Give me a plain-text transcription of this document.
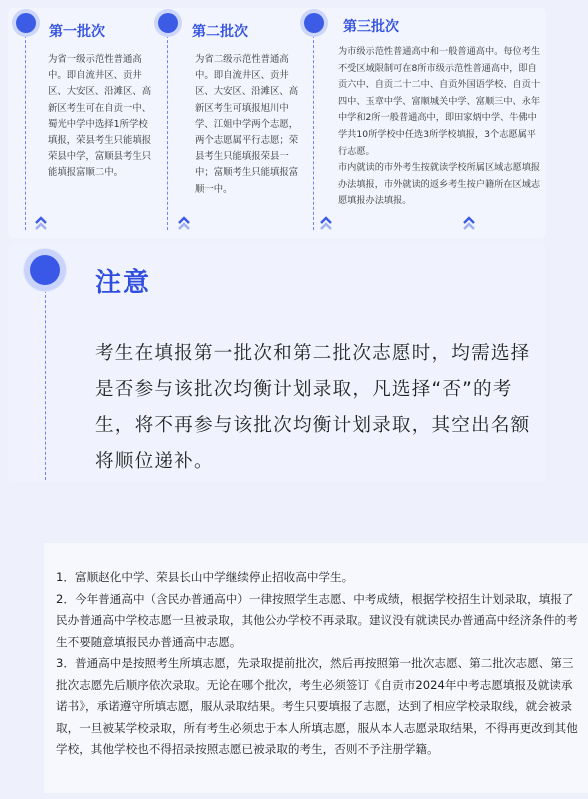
第一批次

为省一级示范性普通高中。即自流井区、贡井区、大安区、沿滩区、高新区考生可在自贡一中、蜀光中学中选择1所学校填报，荣县考生只能填报荣县中学，富顺县考生只能填报富顺二中。

第二批次

为省二级示范性普通高中。即自流井区、贡井区、大安区、沿滩区、高新区考生可填报旭川中学、江姐中学两个志愿，两个志愿属平行志愿；荣县考生只能填报荣县一中；富顺考生只能填报富顺一中。

第三批次

为市级示范性普通高中和一般普通高中。每位考生不受区域限制可在8所市级示范性普通高中，即自贡六中、自贡二十二中、自贡外国语学校、自贡十四中、玉章中学、富顺城关中学、富顺三中、永年中学和2所一般普通高中，即田家炳中学、牛佛中学共10所学校中任选3所学校填报，3个志愿属平行志愿。

市内就读的市外考生按就读学校所属区域志愿填报办法填报，市外就读的返乡考生按户籍所在区域志愿填报办法填报。

注意
考生在填报第一批次和第二批次志愿时，均需选择是否参与该批次均衡计划录取，凡选择“否”的考生，将不再参与该批次均衡计划录取，其空出名额将顺位递补。

1．富顺赵化中学、荣县长山中学继续停止招收高中学生。

2．今年普通高中（含民办普通高中）一律按照学生志愿、中考成绩，根据学校招生计划录取，填报了民办普通高中学校志愿一旦被录取，其他公办学校不再录取。建议没有就读民办普通高中经济条件的考生不要随意填报民办普通高中志愿。

3．普通高中是按照考生所填志愿，先录取提前批次，然后再按照第一批次志愿、第二批次志愿、第三批次志愿先后顺序依次录取。无论在哪个批次，考生必须签订《自贡市2024年中考志愿填报及就读承诺书》，承诺遵守所填志愿，服从录取结果。考生只要填报了志愿，达到了相应学校录取线，就会被录取，一旦被某学校录取，所有考生必须忠于本人所填志愿，服从本人志愿录取结果，不得再更改到其他学校，其他学校也不得招录按照志愿已被录取的考生，否则不予注册学籍。
